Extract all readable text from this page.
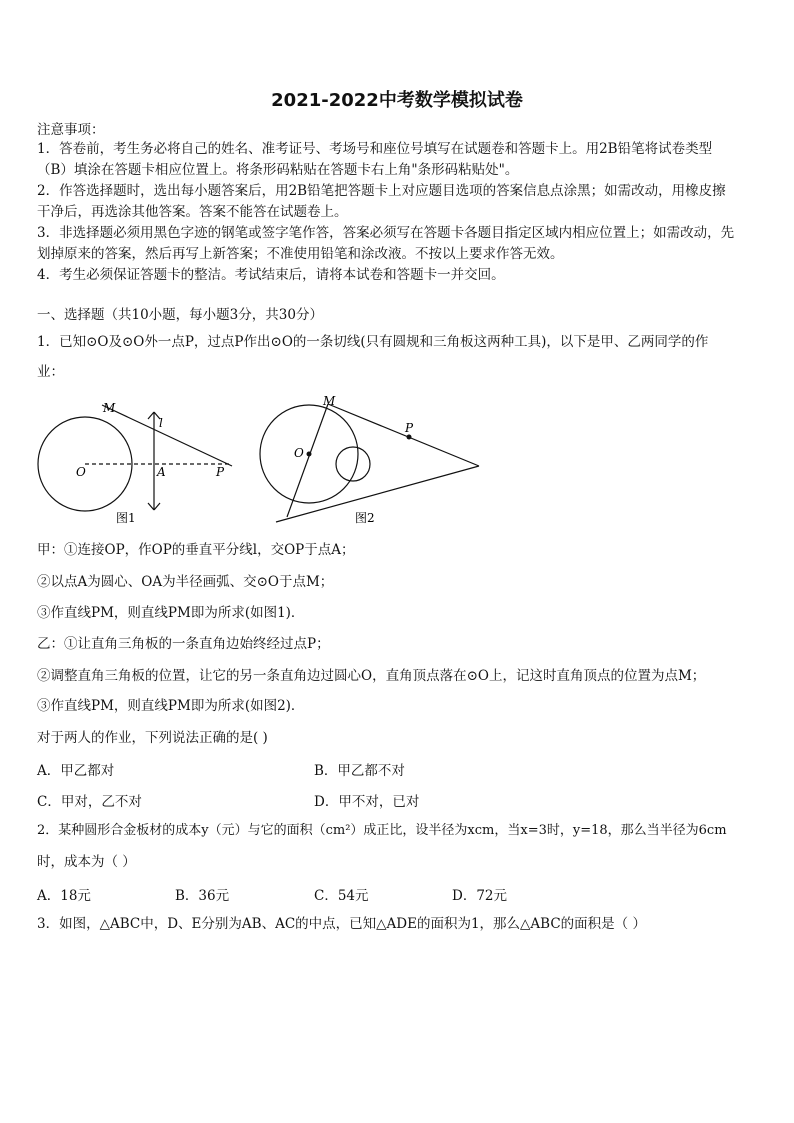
2021-2022中考数学模拟试卷
注意事项：
1．答卷前，考生务必将自己的姓名、准考证号、考场号和座位号填写在试题卷和答题卡上。用2B铅笔将试卷类型
（B）填涂在答题卡相应位置上。将条形码粘贴在答题卡右上角"条形码粘贴处"。
2．作答选择题时，选出每小题答案后，用2B铅笔把答题卡上对应题目选项的答案信息点涂黑；如需改动，用橡皮擦
干净后，再选涂其他答案。答案不能答在试题卷上。
3．非选择题必须用黑色字迹的钢笔或签字笔作答，答案必须写在答题卡各题目指定区域内相应位置上；如需改动，先
划掉原来的答案，然后再写上新答案；不准使用铅笔和涂改液。不按以上要求作答无效。
4．考生必须保证答题卡的整洁。考试结束后，请将本试卷和答题卡一并交回。
一、选择题（共10小题，每小题3分，共30分）
1．已知⊙O及⊙O外一点P，过点P作出⊙O的一条切线(只有圆规和三角板这两种工具)，以下是甲、乙两同学的作
业：
M
l
O	A	P
图1
M
P
O
图2
甲：①连接OP，作OP的垂直平分线l，交OP于点A；
②以点A为圆心、OA为半径画弧、交⊙O于点M；
③作直线PM，则直线PM即为所求(如图1)．
乙：①让直角三角板的一条直角边始终经过点P；
②调整直角三角板的位置，让它的另一条直角边过圆心O，直角顶点落在⊙O上，记这时直角顶点的位置为点M；
③作直线PM，则直线PM即为所求(如图2)．
对于两人的作业，下列说法正确的是( )
A．甲乙都对	B．甲乙都不对
C．甲对，乙不对	D．甲不对，已对
2．某种圆形合金板材的成本y（元）与它的面积（cm²）成正比，设半径为xcm，当x=3时，y=18，那么当半径为6cm
时，成本为（ ）
A．18元	B．36元	C．54元	D．72元
3．如图，△ABC中，D、E分别为AB、AC的中点，已知△ADE的面积为1，那么△ABC的面积是（ ）
